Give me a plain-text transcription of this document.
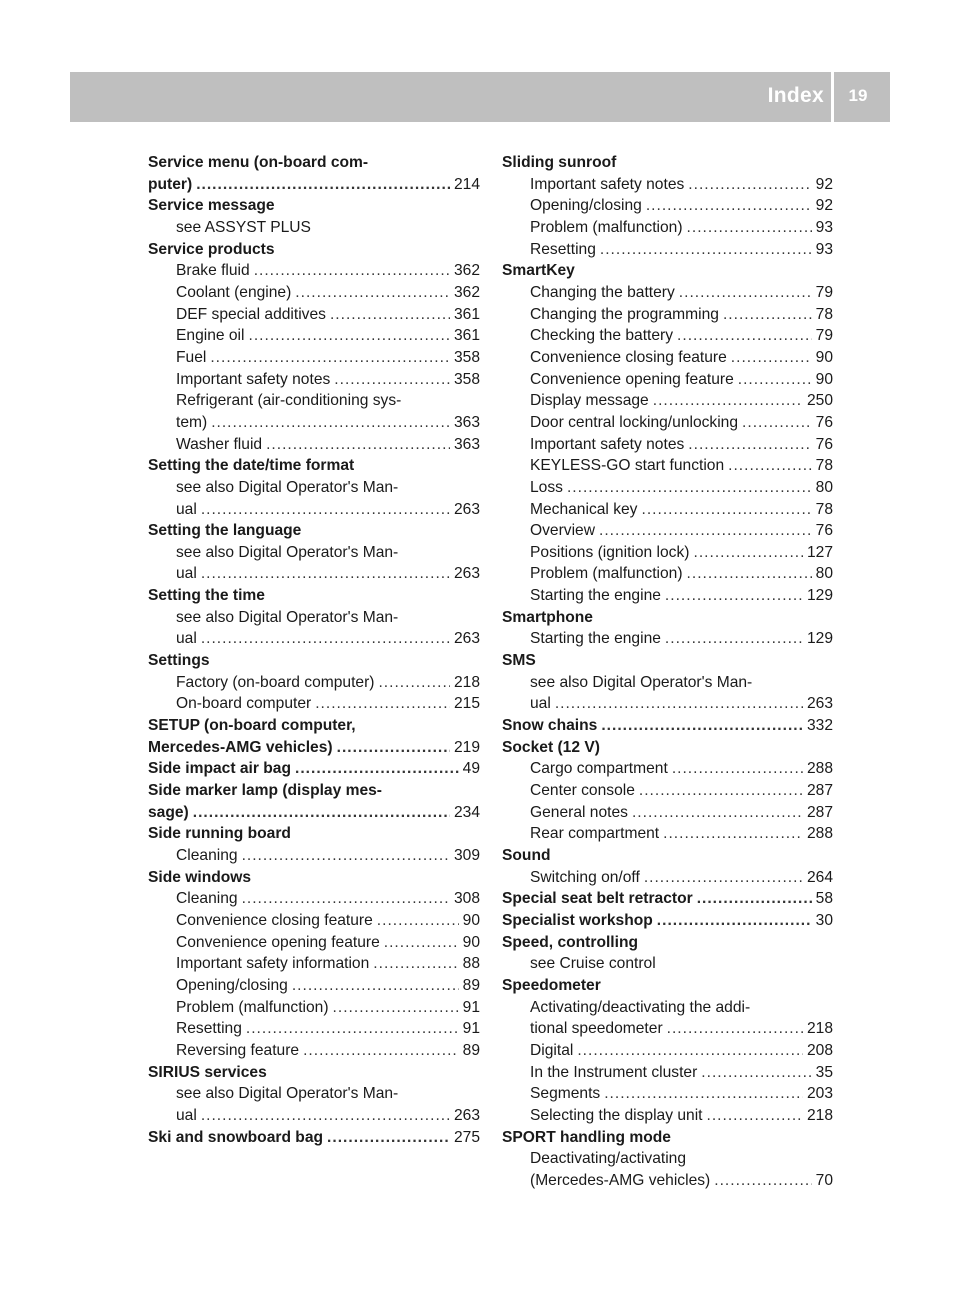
Index	19
Service menu (on-board com-
puter) .....	214
Service message
see ASSYST PLUS
Service products
Brake fluid .....	362
Coolant (engine) .....	362
DEF special additives .....	361
Engine oil .....	361
Fuel .....	358
Important safety notes .....	358
Refrigerant (air-conditioning sys-
tem) .....	363
Washer fluid .....	363
Setting the date/time format
see also Digital Operator's Man-
ual .....	263
Setting the language
see also Digital Operator's Man-
ual .....	263
Setting the time
see also Digital Operator's Man-
ual .....	263
Settings
Factory (on-board computer) .....	218
On-board computer .....	215
SETUP (on-board computer,
Mercedes-AMG vehicles) .....	219
Side impact air bag .....	49
Side marker lamp (display mes-
sage) .....	234
Side running board
Cleaning .....	309
Side windows
Cleaning .....	308
Convenience closing feature .....	90
Convenience opening feature .....	90
Important safety information .....	88
Opening/closing .....	89
Problem (malfunction) .....	91
Resetting .....	91
Reversing feature .....	89
SIRIUS services
see also Digital Operator's Man-
ual .....	263
Ski and snowboard bag .....	275
Sliding sunroof
Important safety notes .....	92
Opening/closing .....	92
Problem (malfunction) .....	93
Resetting .....	93
SmartKey
Changing the battery .....	79
Changing the programming .....	78
Checking the battery .....	79
Convenience closing feature .....	90
Convenience opening feature .....	90
Display message .....	250
Door central locking/unlocking .....	76
Important safety notes .....	76
KEYLESS-GO start function .....	78
Loss .....	80
Mechanical key .....	78
Overview .....	76
Positions (ignition lock) .....	127
Problem (malfunction) .....	80
Starting the engine .....	129
Smartphone
Starting the engine .....	129
SMS
see also Digital Operator's Man-
ual .....	263
Snow chains .....	332
Socket (12 V)
Cargo compartment .....	288
Center console .....	287
General notes .....	287
Rear compartment .....	288
Sound
Switching on/off .....	264
Special seat belt retractor .....	58
Specialist workshop .....	30
Speed, controlling
see Cruise control
Speedometer
Activating/deactivating the addi-
tional speedometer .....	218
Digital .....	208
In the Instrument cluster .....	35
Segments .....	203
Selecting the display unit .....	218
SPORT handling mode
Deactivating/activating
(Mercedes-AMG vehicles) .....	70
